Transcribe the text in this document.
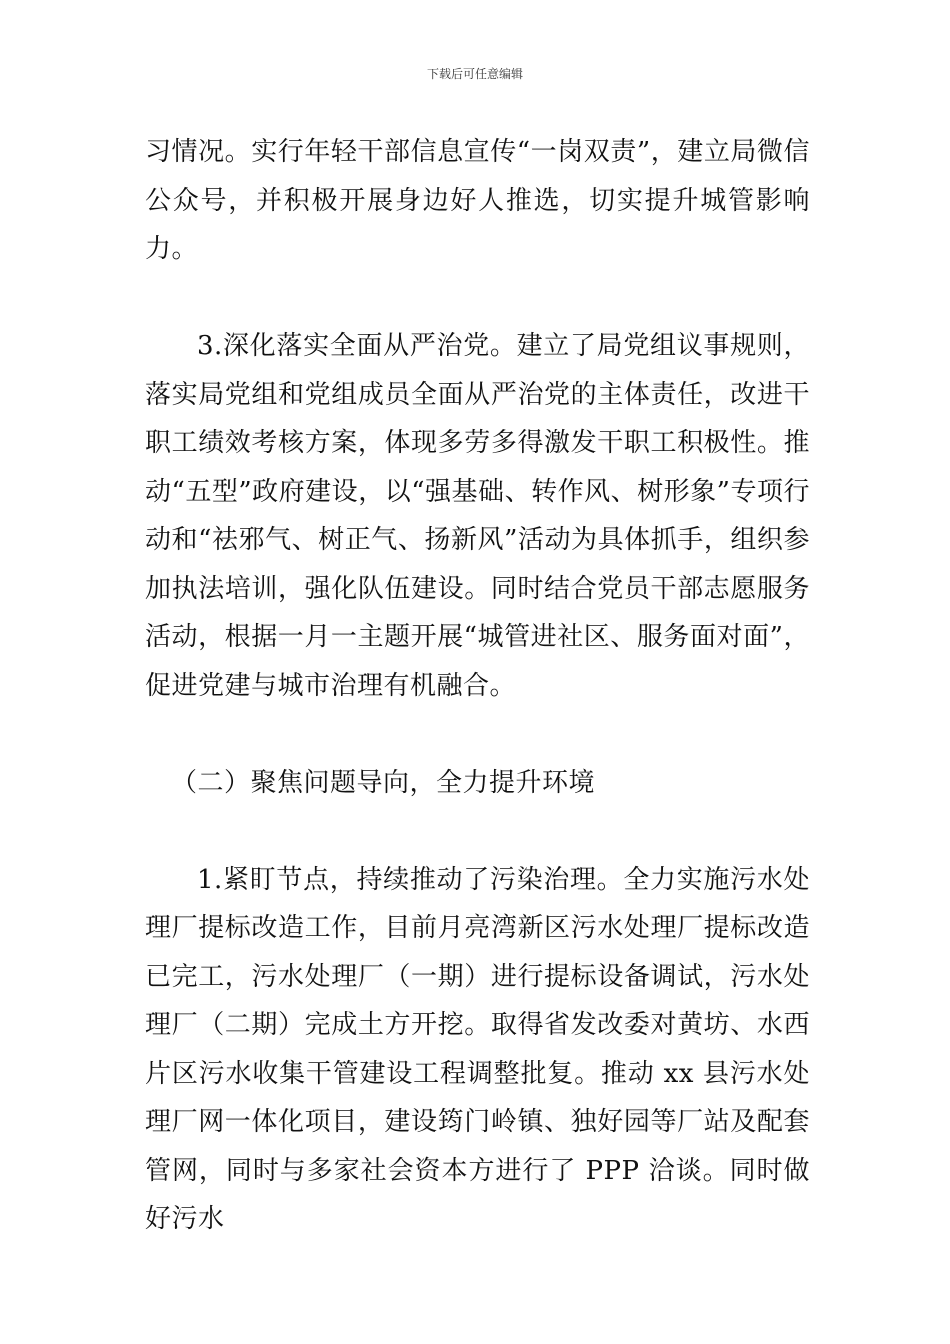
下载后可任意编辑

习情况。实行年轻干部信息宣传“一岗双责”，建立局微信公众号，并积极开展身边好人推选，切实提升城管影响力。

3.深化落实全面从严治党。建立了局党组议事规则，落实局党组和党组成员全面从严治党的主体责任，改进干职工绩效考核方案，体现多劳多得激发干职工积极性。推动“五型”政府建设，以“强基础、转作风、树形象”专项行动和“祛邪气、树正气、扬新风”活动为具体抓手，组织参加执法培训，强化队伍建设。同时结合党员干部志愿服务活动，根据一月一主题开展“城管进社区、服务面对面”，促进党建与城市治理有机融合。

（二）聚焦问题导向，全力提升环境

1.紧盯节点，持续推动了污染治理。全力实施污水处理厂提标改造工作，目前月亮湾新区污水处理厂提标改造已完工，污水处理厂（一期）进行提标设备调试，污水处理厂（二期）完成土方开挖。取得省发改委对黄坊、水西片区污水收集干管建设工程调整批复。推动 xx 县污水处理厂网一体化项目，建设筠门岭镇、独好园等厂站及配套管网，同时与多家社会资本方进行了 PPP 洽谈。同时做好污水
